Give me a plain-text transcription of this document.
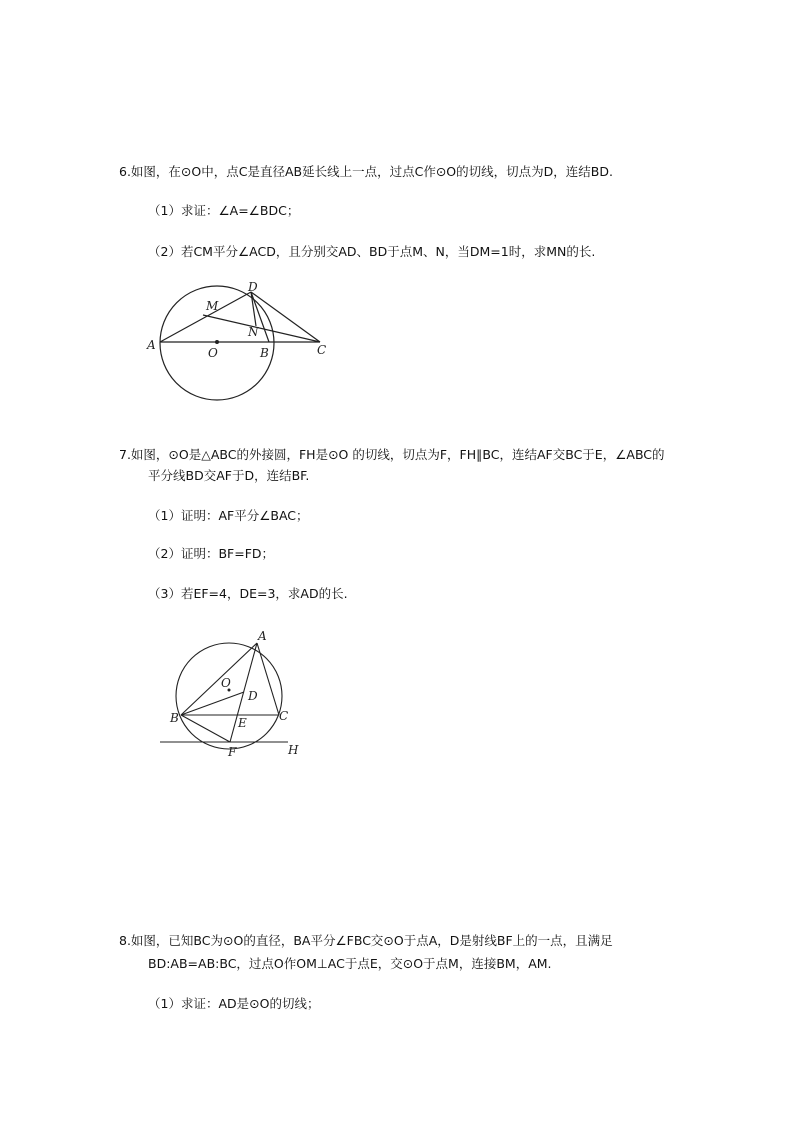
6.如图，在⊙O中，点C是直径AB延长线上一点，过点C作⊙O的切线，切点为D，连结BD.
（1）求证：∠A=∠BDC；
（2）若CM平分∠ACD，且分别交AD、BD于点M、N，当DM=1时，求MN的长.
A
O	B	C
D
M
N
7.如图，⊙O是△ABC的外接圆，FH是⊙O 的切线，切点为F，FH∥BC，连结AF交BC于E，∠ABC的
平分线BD交AF于D，连结BF.
（1）证明：AF平分∠BAC；
（2）证明：BF=FD；
（3）若EF=4，DE=3，求AD的长.
A
O
D
B	E	C
F	H
8.如图，已知BC为⊙O的直径，BA平分∠FBC交⊙O于点A，D是射线BF上的一点，且满足
BD:AB=AB:BC，过点O作OM⊥AC于点E，交⊙O于点M，连接BM，AM.
（1）求证：AD是⊙O的切线；
